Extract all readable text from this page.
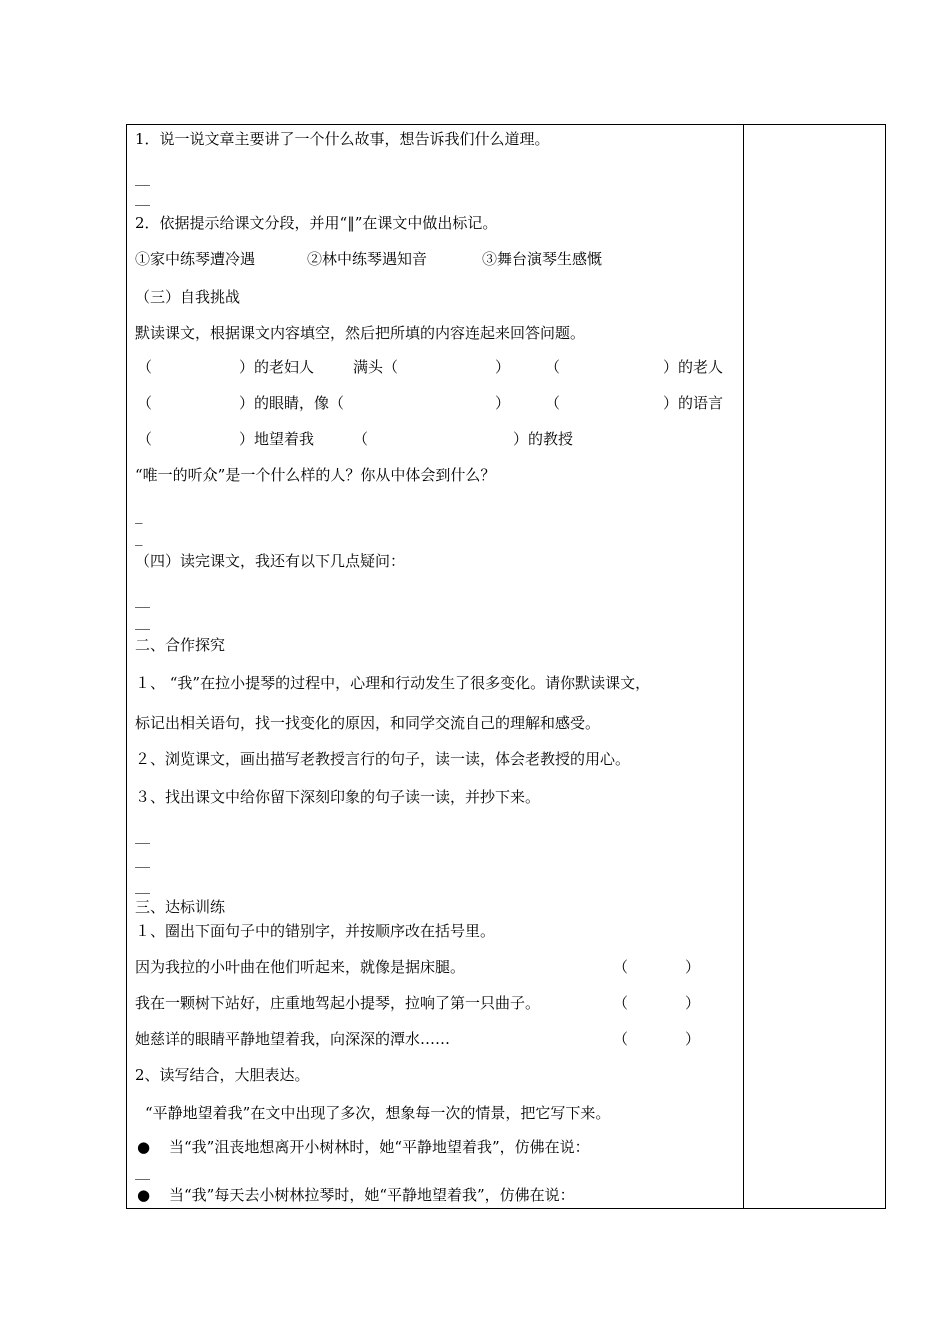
1．说一说文章主要讲了一个什么故事，想告诉我们什么道理。
__
__
2．依据提示给课文分段，并用“‖”在课文中做出标记。
①家中练琴遭冷遇	②林中练琴遇知音	③舞台演琴生感慨
（三）自我挑战
默读课文，根据课文内容填空，然后把所填的内容连起来回答问题。
（	）的老妇人	满头（	） （	）的老人
（	）的眼睛，像（	） （	）的语言
（	）地望着我	（	）的教授
“唯一的听众”是一个什么样的人？你从中体会到什么？
_
_
（四）读完课文，我还有以下几点疑问：
__
__
二、合作探究
１、 “我”在拉小提琴的过程中，心理和行动发生了很多变化。请你默读课文，
标记出相关语句，找一找变化的原因，和同学交流自己的理解和感受。
２、浏览课文，画出描写老教授言行的句子，读一读，体会老教授的用心。
３、找出课文中给你留下深刻印象的句子读一读，并抄下来。
__
__
__
三、达标训练
１、圈出下面句子中的错别字，并按顺序改在括号里。
因为我拉的小叶曲在他们听起来，就像是据床腿。	（	）
我在一颗树下站好，庄重地驾起小提琴，拉响了第一只曲子。	（	）
她慈详的眼睛平静地望着我，向深深的潭水……	（	）
2、读写结合，大胆表达。
“平静地望着我”在文中出现了多次，想象每一次的情景，把它写下来。
● 当“我”沮丧地想离开小树林时，她“平静地望着我”，仿佛在说：
__
● 当“我”每天去小树林拉琴时，她“平静地望着我”，仿佛在说：
